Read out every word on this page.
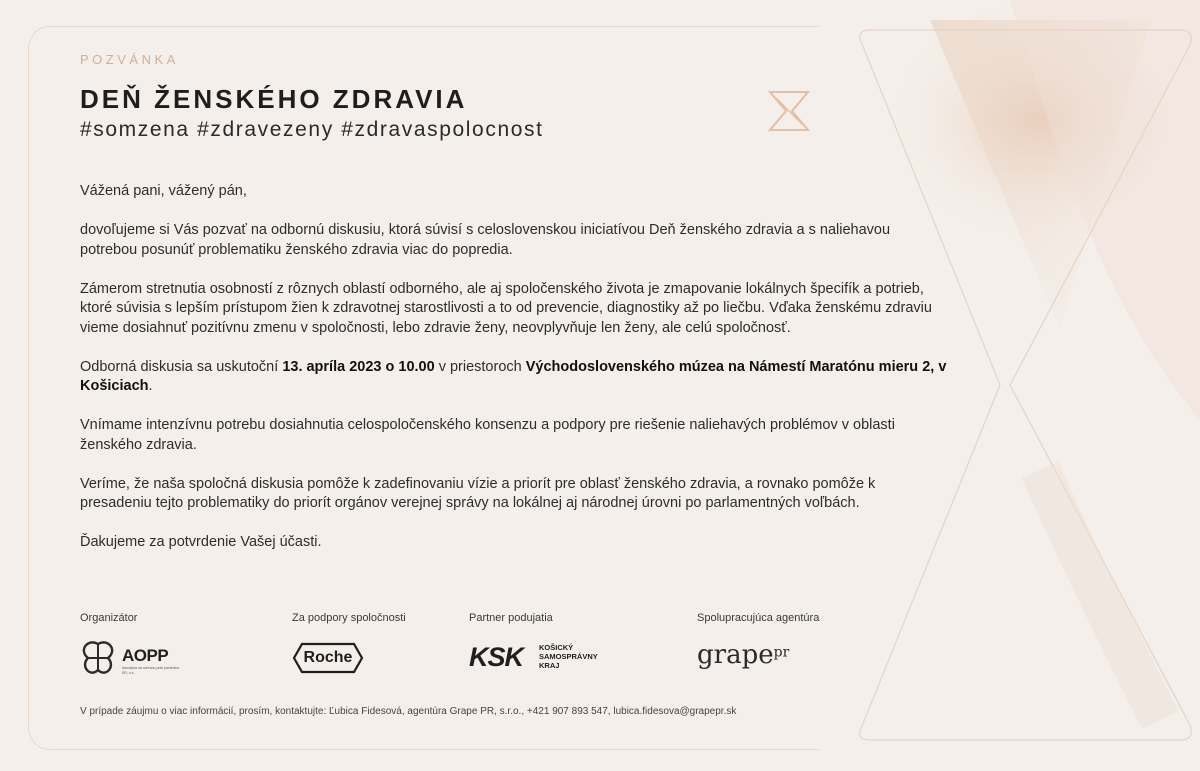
POZVÁNKA
DEŇ ŽENSKÉHO ZDRAVIA
#somzena #zdravezeny #zdravaspolocnost

Vážená pani, vážený pán,

dovoľujeme si Vás pozvať na odbornú diskusiu, ktorá súvisí s celoslovenskou iniciatívou Deň ženského zdravia a s naliehavou potrebou posunúť problematiku ženského zdravia viac do popredia.

Zámerom stretnutia osobností z rôznych oblastí odborného, ale aj spoločenského života je zmapovanie lokálnych špecifík a potrieb, ktoré súvisia s lepším prístupom žien k zdravotnej starostlivosti a to od prevencie, diagnostiky až po liečbu. Vďaka ženskému zdraviu vieme dosiahnuť pozitívnu zmenu v spoločnosti, lebo zdravie ženy, neovplyvňuje len ženy, ale celú spoločnosť.

Odborná diskusia sa uskutoční 13. apríla 2023 o 10.00 v priestoroch Východoslovenského múzea na Námestí Maratónu mieru 2, v Košiciach.

Vnímame intenzívnu potrebu dosiahnutia celospoločenského konsenzu a podpory pre riešenie naliehavých problémov v oblasti ženského zdravia.

Veríme, že naša spoločná diskusia pomôže k zadefinovaniu vízie a priorít pre oblasť ženského zdravia, a rovnako pomôže k presadeniu tejto problematiky do priorít orgánov verejnej správy na lokálnej aj národnej úrovni po parlamentných voľbách.

Ďakujeme za potvrdenie Vašej účasti.

Organizátor	Za podpory spoločnosti	Partner podujatia	Spolupracujúca agentúra
AOPP
Asociácia na ochranu práv pacientov SR, o.z.
Roche	KSK KOŠICKÝ
SAMOSPRÁVNY
KRAJ	grape$^{pr}$
V prípade záujmu o viac informácií, prosím, kontaktujte: Ľubica Fidesová, agentúra Grape PR, s.r.o., +421 907 893 547, lubica.fidesova@grapepr.sk
